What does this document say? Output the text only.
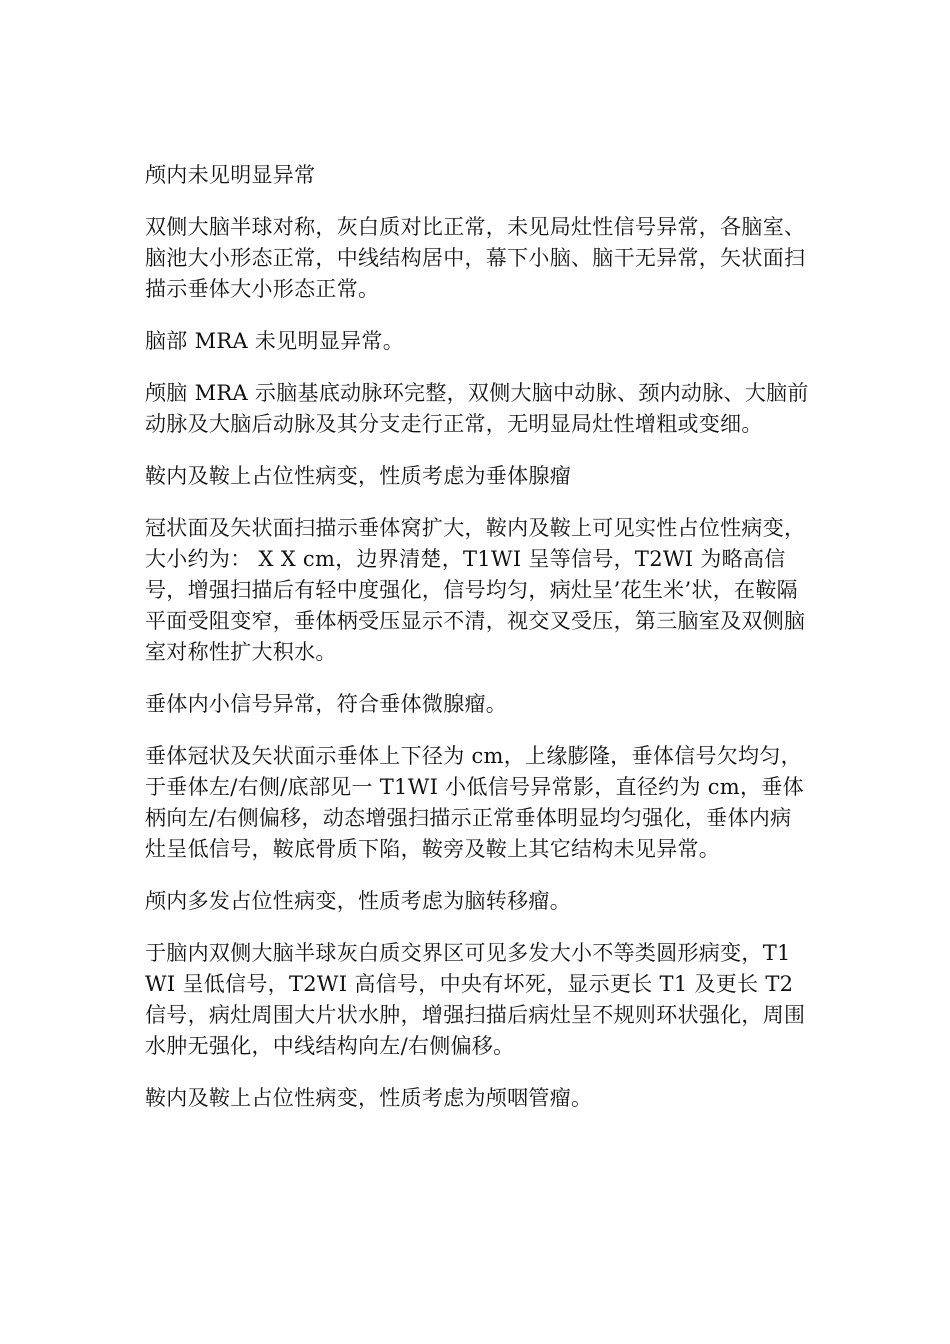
颅内未见明显异常

双侧大脑半球对称，灰白质对比正常，未见局灶性信号异常，各脑室、脑池大小形态正常，中线结构居中，幕下小脑、脑干无异常，矢状面扫描示垂体大小形态正常。

脑部 MRA 未见明显异常。

颅脑 MRA 示脑基底动脉环完整，双侧大脑中动脉、颈内动脉、大脑前动脉及大脑后动脉及其分支走行正常，无明显局灶性增粗或变细。

鞍内及鞍上占位性病变，性质考虑为垂体腺瘤

冠状面及矢状面扫描示垂体窝扩大，鞍内及鞍上可见实性占位性病变，大小约为： X X cm，边界清楚，T1WI 呈等信号，T2WI 为略高信号，增强扫描后有轻中度强化，信号均匀，病灶呈’花生米’状，在鞍隔平面受阻变窄，垂体柄受压显示不清，视交叉受压，第三脑室及双侧脑室对称性扩大积水。

垂体内小信号异常，符合垂体微腺瘤。

垂体冠状及矢状面示垂体上下径为 cm，上缘膨隆，垂体信号欠均匀，于垂体左/右侧/底部见一 T1WI 小低信号异常影，直径约为 cm，垂体柄向左/右侧偏移，动态增强扫描示正常垂体明显均匀强化，垂体内病灶呈低信号，鞍底骨质下陷，鞍旁及鞍上其它结构未见异常。

颅内多发占位性病变，性质考虑为脑转移瘤。

于脑内双侧大脑半球灰白质交界区可见多发大小不等类圆形病变，T1WI 呈低信号，T2WI 高信号，中央有坏死，显示更长 T1 及更长 T2 信号，病灶周围大片状水肿，增强扫描后病灶呈不规则环状强化，周围水肿无强化，中线结构向左/右侧偏移。

鞍内及鞍上占位性病变，性质考虑为颅咽管瘤。
